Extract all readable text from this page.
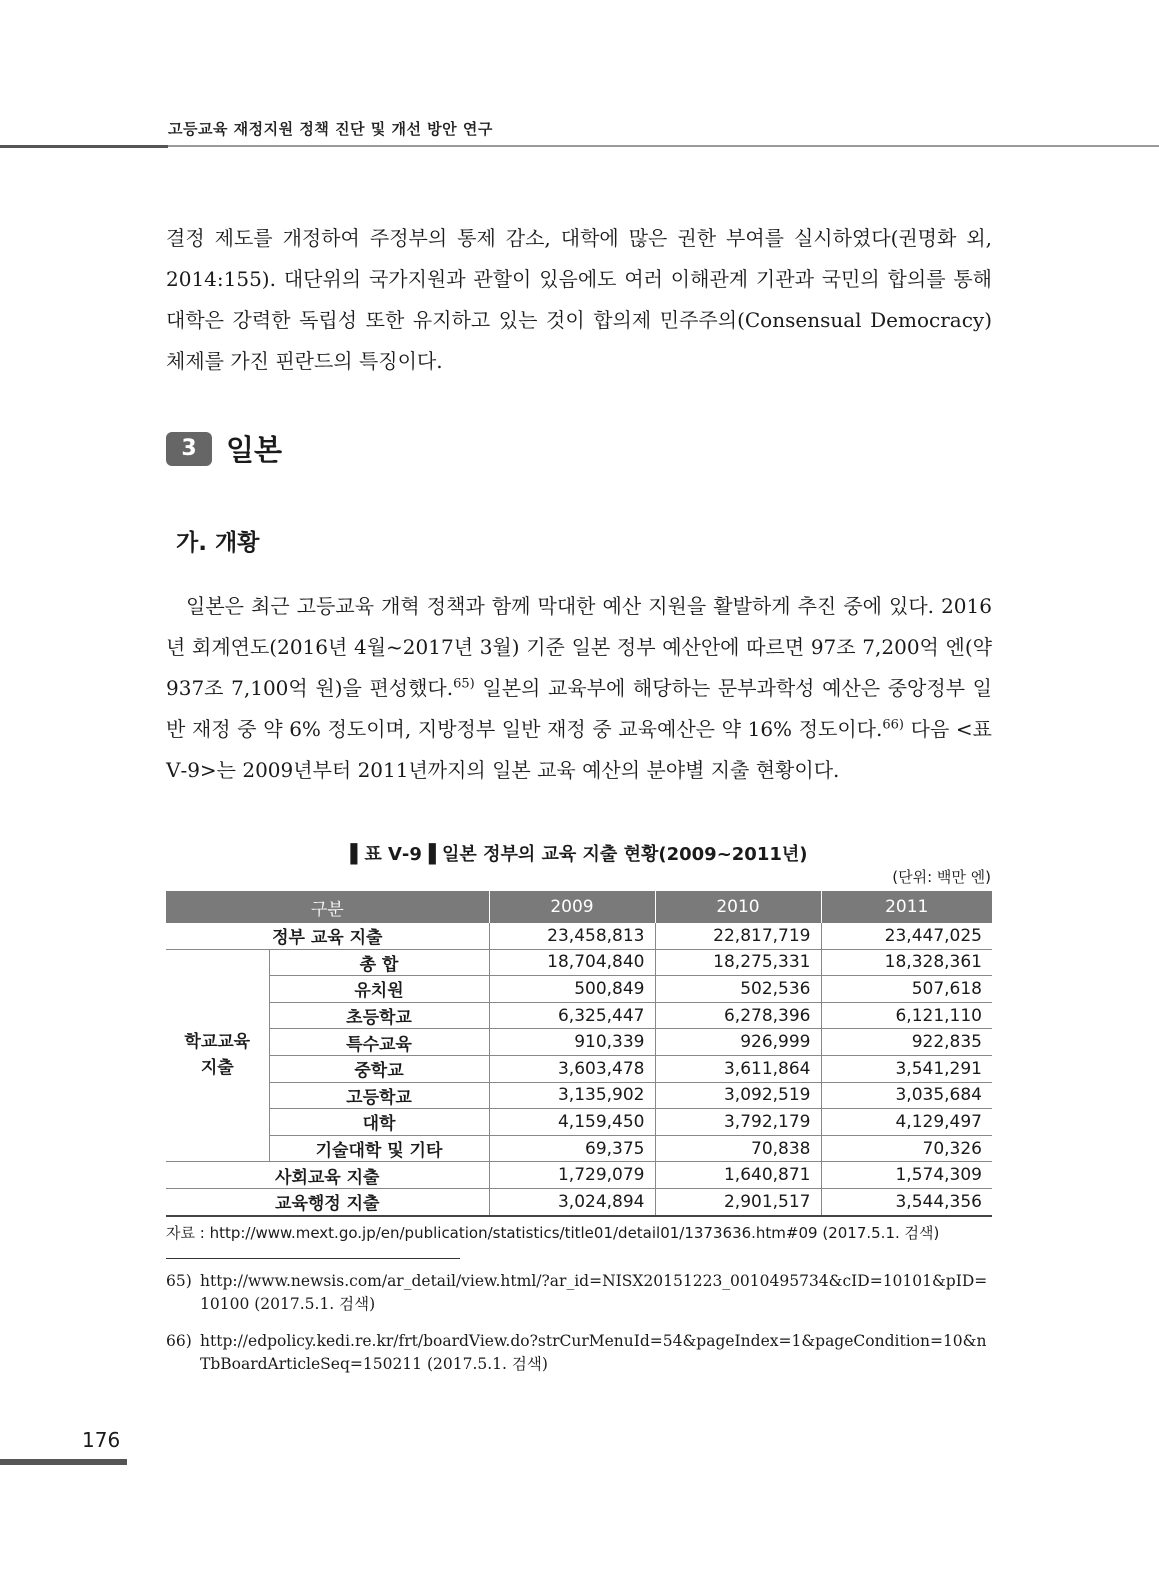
고등교육 재정지원 정책 진단 및 개선 방안 연구

결정 제도를 개정하여 주정부의 통제 감소, 대학에 많은 권한 부여를 실시하였다(권명화 외, 2014:155). 대단위의 국가지원과 관할이 있음에도 여러 이해관계 기관과 국민의 합의를 통해 대학은 강력한 독립성 또한 유지하고 있는 것이 합의제 민주주의(Consensual Democracy) 체제를 가진 핀란드의 특징이다.

3	일본
가. 개황

일본은 최근 고등교육 개혁 정책과 함께 막대한 예산 지원을 활발하게 추진 중에 있다. 2016년 회계연도(2016년 4월~2017년 3월) 기준 일본 정부 예산안에 따르면 97조 7,200억 엔(약 937조 7,100억 원)을 편성했다.$^{65)}$ 일본의 교육부에 해당하는 문부과학성 예산은 중앙정부 일반 재정 중 약 6% 정도이며, 지방정부 일반 재정 중 교육예산은 약 16% 정도이다.$^{66)}$ 다음 <표 Ⅴ-9>는 2009년부터 2011년까지의 일본 교육 예산의 분야별 지출 현황이다.

▌표 Ⅴ-9▐ 일본 정부의 교육 지출 현황(2009~2011년)
(단위: 백만 엔)
구분		2009	2010	2011
정부 교육 지출		23,458,813	22,817,719	23,447,025
학교교육 지출	총 합	18,704,840	18,275,331	18,328,361
	유치원	500,849	502,536	507,618
	초등학교	6,325,447	6,278,396	6,121,110
	특수교육	910,339	926,999	922,835
	중학교	3,603,478	3,611,864	3,541,291
	고등학교	3,135,902	3,092,519	3,035,684
	대학	4,159,450	3,792,179	4,129,497
	기술대학 및 기타	69,375	70,838	70,326
사회교육 지출		1,729,079	1,640,871	1,574,309
교육행정 지출		3,024,894	2,901,517	3,544,356
자료 : http://www.mext.go.jp/en/publication/statistics/title01/detail01/1373636.htm#09 (2017.5.1. 검색)
65) http://www.newsis.com/ar_detail/view.html/?ar_id=NISX20151223_0010495734&cID=10101&pID=10100 (2017.5.1. 검색)
66) http://edpolicy.kedi.re.kr/frt/boardView.do?strCurMenuId=54&pageIndex=1&pageCondition=10&nTbBoardArticleSeq=150211 (2017.5.1. 검색)
176
